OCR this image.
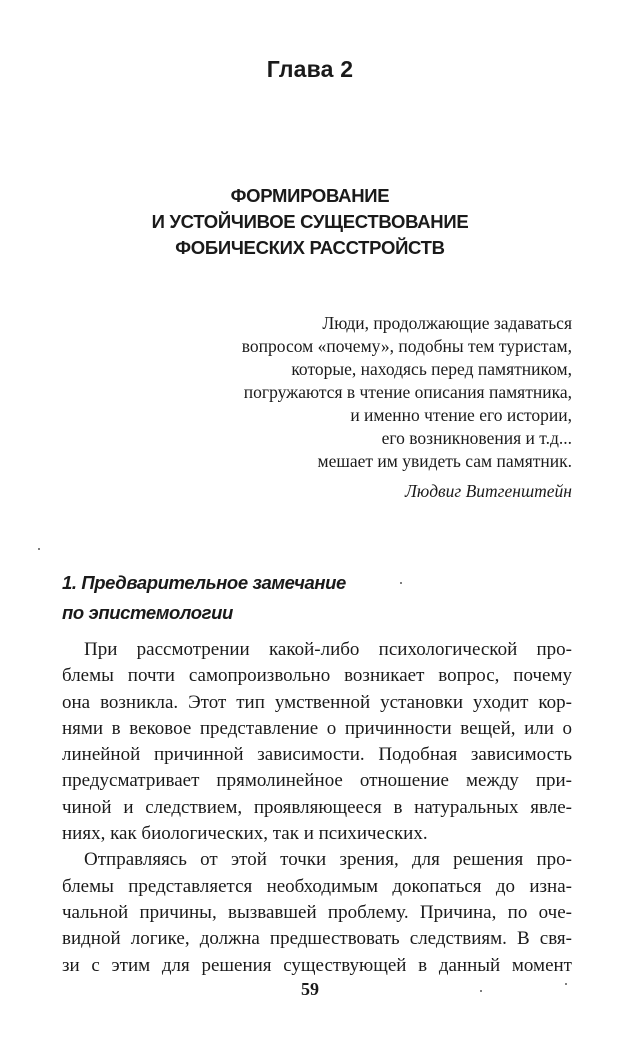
Глава 2
ФОРМИРОВАНИЕ
И УСТОЙЧИВОЕ СУЩЕСТВОВАНИЕ
ФОБИЧЕСКИХ РАССТРОЙСТВ
Люди, продолжающие задаваться
вопросом «почему», подобны тем туристам,
которые, находясь перед памятником,
погружаются в чтение описания памятника,
и именно чтение его истории,
его возникновения и т.д...
мешает им увидеть сам памятник.
Людвиг Витгенштейн
1. Предварительное замечание
по эпистемологии
При рассмотрении какой-либо психологической про-
блемы почти самопроизвольно возникает вопрос, почему
она возникла. Этот тип умственной установки уходит кор-
нями в вековое представление о причинности вещей, или о
линейной причинной зависимости. Подобная зависимость
предусматривает прямолинейное отношение между при-
чиной и следствием, проявляющееся в натуральных явле-
ниях, как биологических, так и психических.
Отправляясь от этой точки зрения, для решения про-
блемы представляется необходимым докопаться до изна-
чальной причины, вызвавшей проблему. Причина, по оче-
видной логике, должна предшествовать следствиям. В свя-
зи с этим для решения существующей в данный момент
59
